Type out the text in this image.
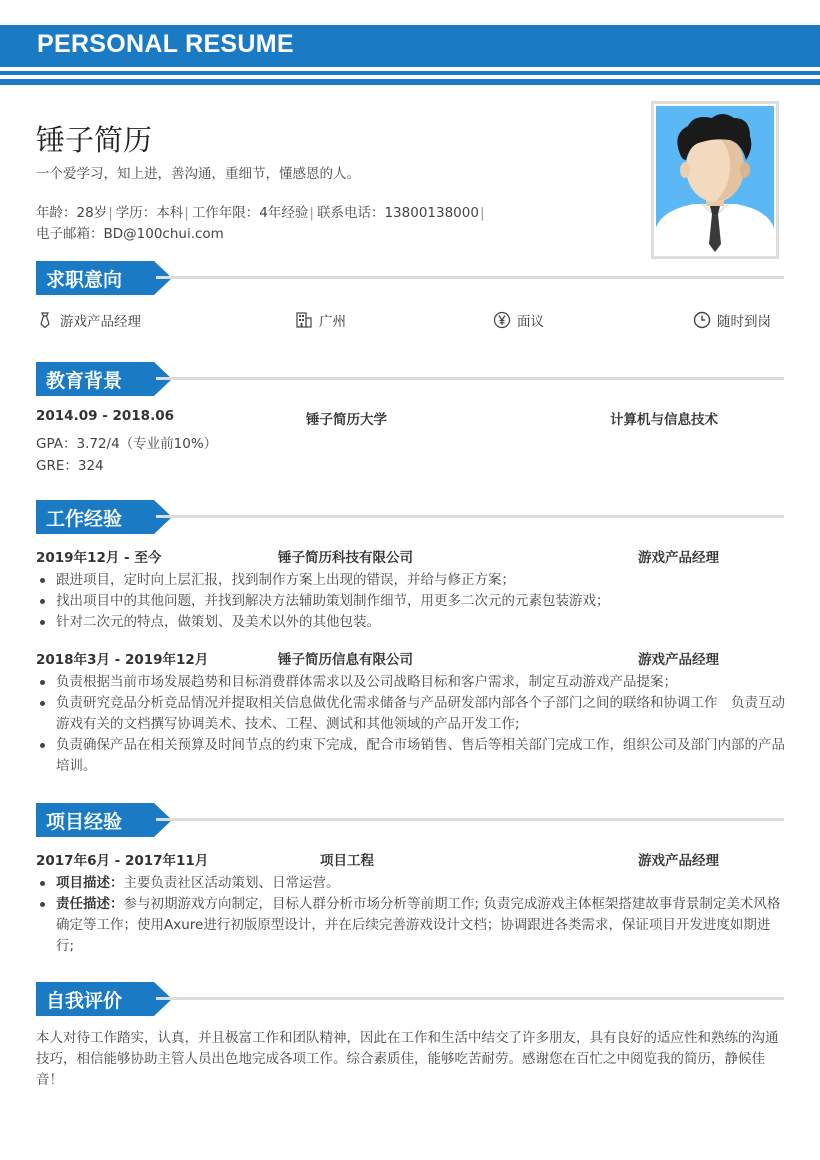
PERSONAL RESUME
锤子简历
一个爱学习，知上进，善沟通，重细节，懂感恩的人。
年龄：28岁| 学历：本科| 工作年限：4年经验| 联系电话：13800138000|
电子邮箱：BD@100chui.com
求职意向
游戏产品经理	广州	面议	随时到岗
教育背景
2014.09 - 2018.06	锤子简历大学	计算机与信息技术
GPA：3.72/4（专业前10%）
GRE：324
工作经验
2019年12月 - 至今	锤子简历科技有限公司	游戏产品经理
跟进项目，定时向上层汇报，找到制作方案上出现的错误，并给与修正方案；
找出项目中的其他问题，并找到解决方法辅助策划制作细节，用更多二次元的元素包装游戏；
针对二次元的特点，做策划、及美术以外的其他包装。
2018年3月 - 2019年12月	锤子简历信息有限公司	游戏产品经理
负责根据当前市场发展趋势和目标消费群体需求以及公司战略目标和客户需求，制定互动游戏产品提案；
负责研究竞品分析竞品情况并提取相关信息做优化需求储备与产品研发部内部各个子部门之间的联络和协调工作　负责互动游戏有关的文档撰写协调美术、技术、工程、测试和其他领域的产品开发工作;
负责确保产品在相关预算及时间节点的约束下完成，配合市场销售、售后等相关部门完成工作，组织公司及部门内部的产品培训。
项目经验
2017年6月 - 2017年11月	项目工程	游戏产品经理
项目描述：主要负责社区活动策划、日常运营。
责任描述：参与初期游戏方向制定，目标人群分析市场分析等前期工作; 负责完成游戏主体框架搭建故事背景制定美术风格确定等工作；使用Axure进行初版原型设计，并在后续完善游戏设计文档；协调跟进各类需求，保证项目开发进度如期进行;
自我评价
本人对待工作踏实，认真，并且极富工作和团队精神，因此在工作和生活中结交了许多朋友，具有良好的适应性和熟练的沟通技巧，相信能够协助主管人员出色地完成各项工作。综合素质佳，能够吃苦耐劳。感谢您在百忙之中阅览我的简历，静候佳音！
